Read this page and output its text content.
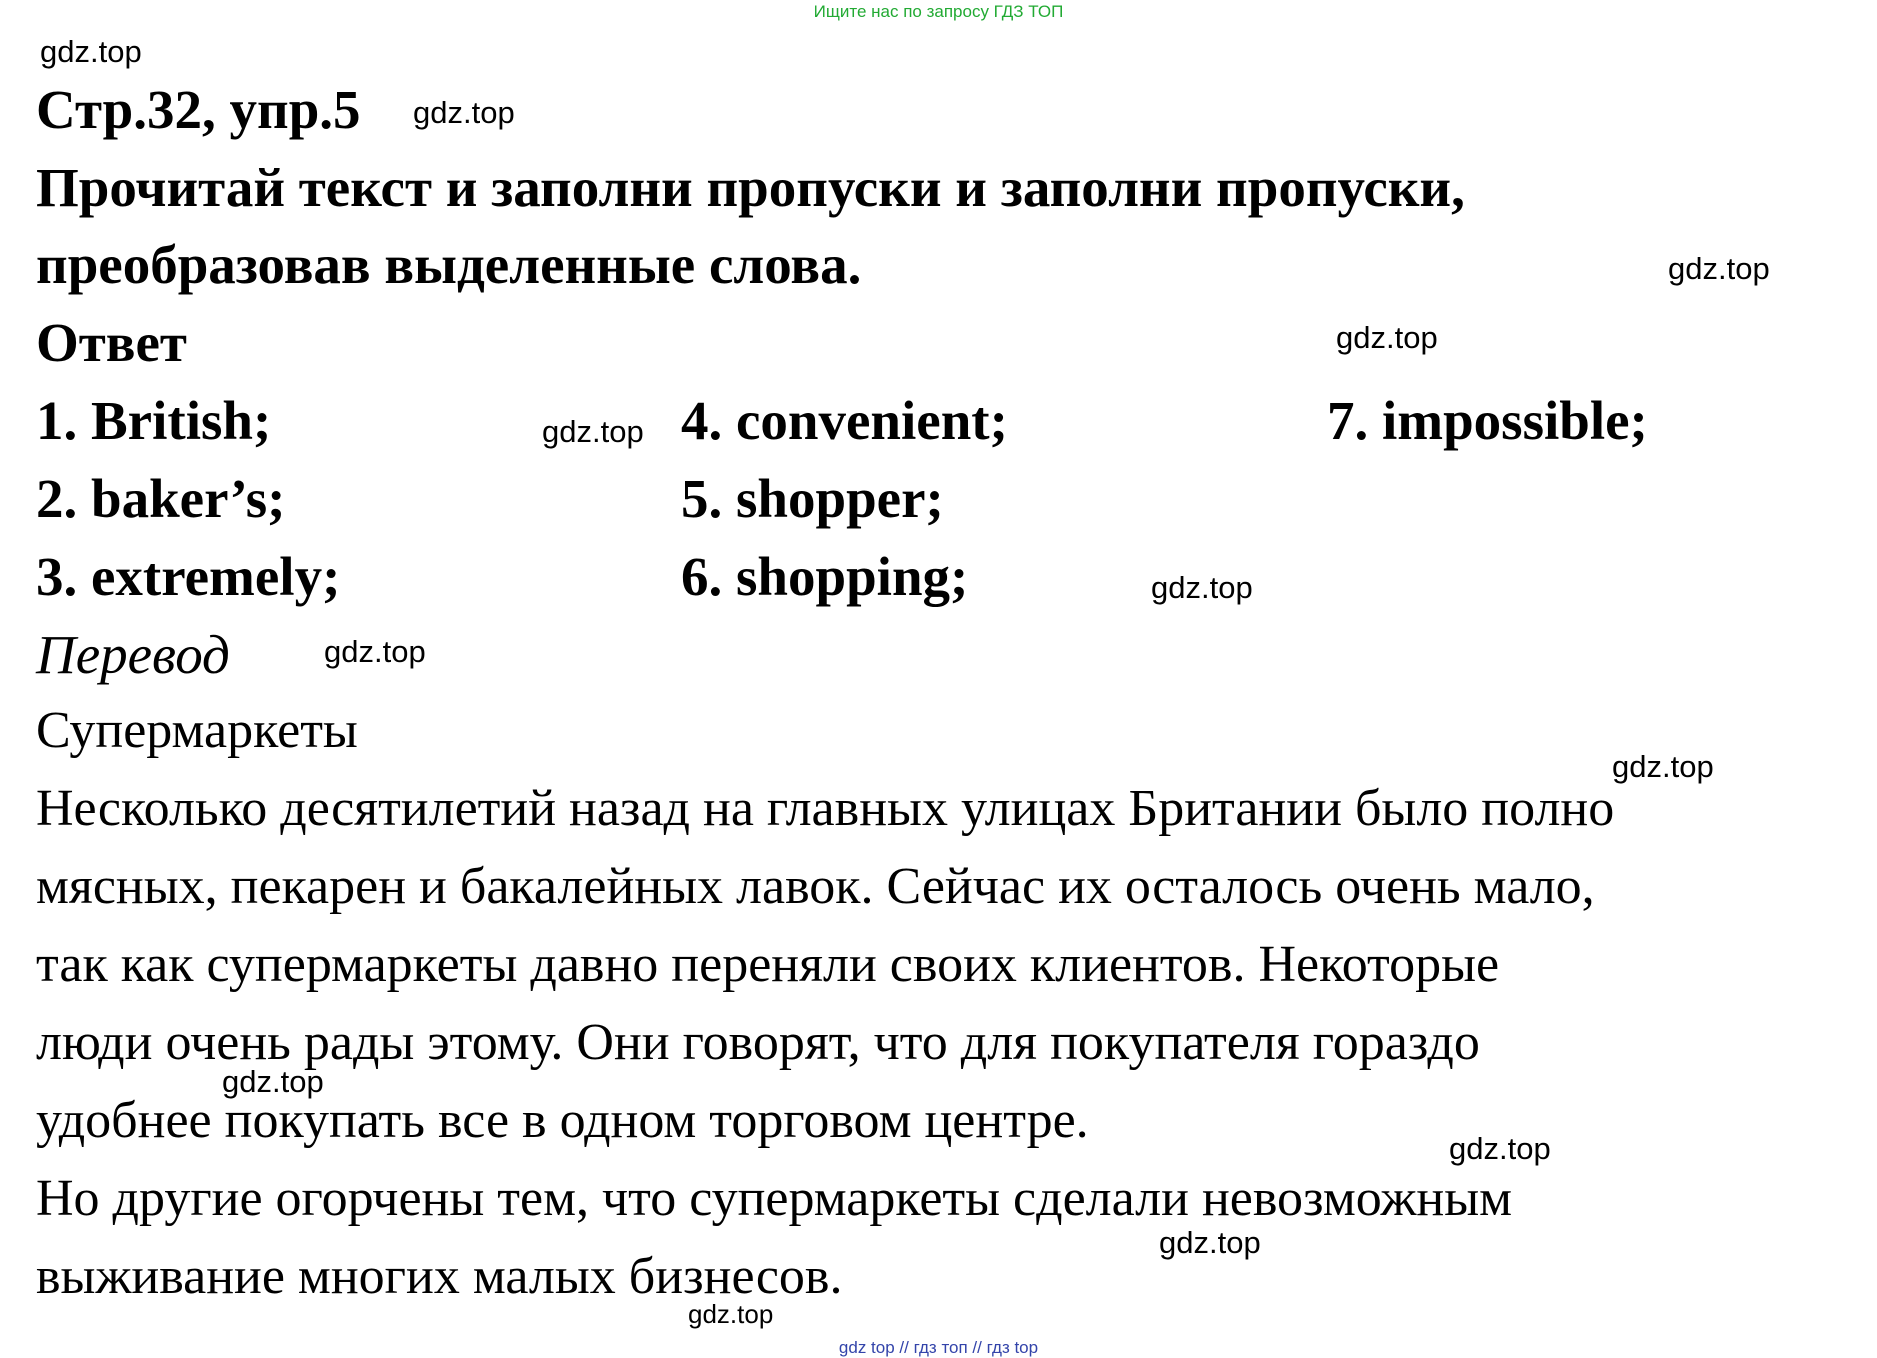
Ищите нас по запросу ГДЗ ТОП
gdz.top
gdz.top
gdz.top
gdz.top
gdz.top
gdz.top
gdz.top
gdz.top
gdz.top
gdz.top
gdz.top
gdz.top
Стр.32, упр.5
Прочитай текст и заполни пропуски и заполни пропуски,
преобразовав выделенные слова.
Ответ
1. British;
2. baker’s;
3. extremely;
4. convenient;
5. shopper;
6. shopping;
7. impossible;
Перевод
Супермаркеты
Несколько десятилетий назад на главных улицах Британии было полно
мясных, пекарен и бакалейных лавок. Сейчас их осталось очень мало,
так как супермаркеты давно переняли своих клиентов. Некоторые
люди очень рады этому. Они говорят, что для покупателя гораздо
удобнее покупать все в одном торговом центре.
Но другие огорчены тем, что супермаркеты сделали невозможным
выживание многих малых бизнесов.
gdz top // гдз топ // гдз top
